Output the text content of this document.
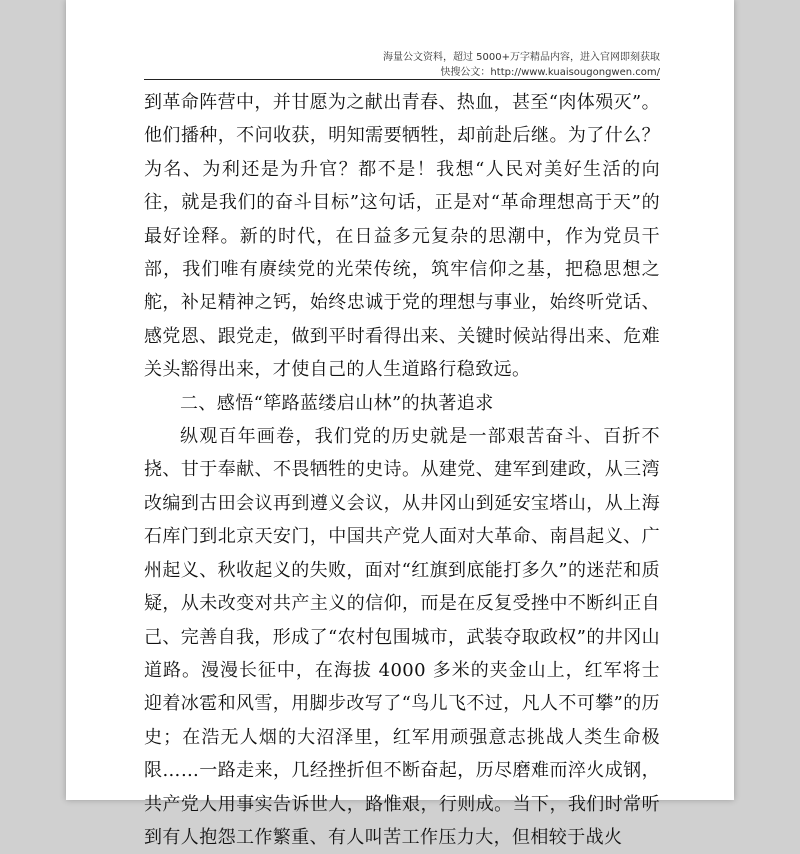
海量公文资料，超过 5000+万字精品内容，进入官网即刻获取
快搜公文：http://www.kuaisougongwen.com/

到革命阵营中，并甘愿为之献出青春、热血，甚至“肉体殒灭”。他们播种，不问收获，明知需要牺牲，却前赴后继。为了什么？为名、为利还是为升官？都不是！我想“人民对美好生活的向往，就是我们的奋斗目标”这句话，正是对“革命理想高于天”的最好诠释。新的时代，在日益多元复杂的思潮中，作为党员干部，我们唯有赓续党的光荣传统，筑牢信仰之基，把稳思想之舵，补足精神之钙，始终忠诚于党的理想与事业，始终听党话、感党恩、跟党走，做到平时看得出来、关键时候站得出来、危难关头豁得出来，才使自己的人生道路行稳致远。

二、感悟“筚路蓝缕启山林”的执著追求

纵观百年画卷，我们党的历史就是一部艰苦奋斗、百折不挠、甘于奉献、不畏牺牲的史诗。从建党、建军到建政，从三湾改编到古田会议再到遵义会议，从井冈山到延安宝塔山，从上海石库门到北京天安门，中国共产党人面对大革命、南昌起义、广州起义、秋收起义的失败，面对“红旗到底能打多久”的迷茫和质疑，从未改变对共产主义的信仰，而是在反复受挫中不断纠正自己、完善自我，形成了“农村包围城市，武装夺取政权”的井冈山道路。漫漫长征中，在海拔 4000 多米的夹金山上，红军将士迎着冰雹和风雪，用脚步改写了“鸟儿飞不过，凡人不可攀”的历史；在浩无人烟的大沼泽里，红军用顽强意志挑战人类生命极限……一路走来，几经挫折但不断奋起，历尽磨难而淬火成钢，共产党人用事实告诉世人，路惟艰，行则成。当下，我们时常听到有人抱怨工作繁重、有人叫苦工作压力大，但相较于战火
